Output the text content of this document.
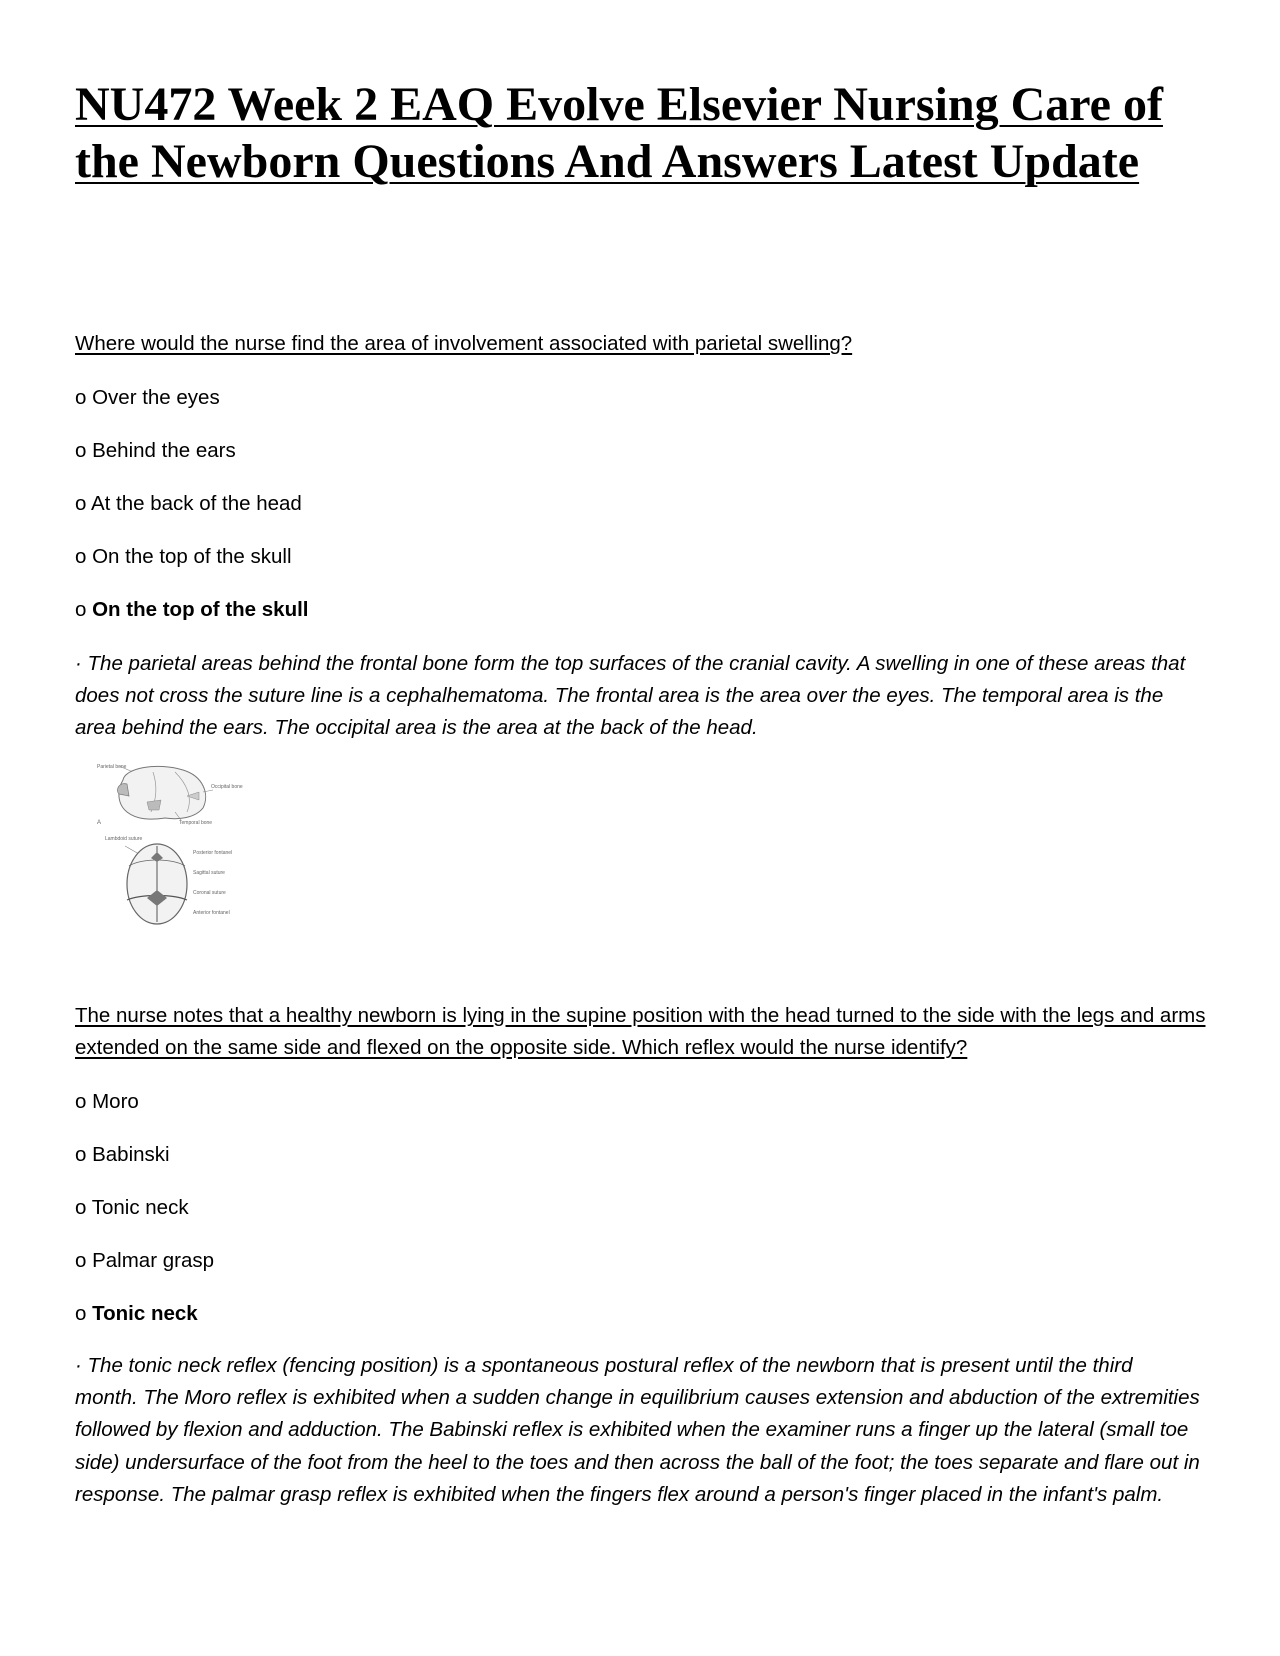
NU472 Week 2 EAQ Evolve Elsevier Nursing Care of the Newborn Questions And Answers Latest Update

Where would the nurse find the area of involvement associated with parietal swelling?

o Over the eyes

o Behind the ears

o At the back of the head

o On the top of the skull

o On the top of the skull

· The parietal areas behind the frontal bone form the top surfaces of the cranial cavity. A swelling in one of these areas that does not cross the suture line is a cephalhematoma. The frontal area is the area over the eyes. The temporal area is the area behind the ears. The occipital area is the area at the back of the head.

Parietal bone
Occipital bone
Temporal bone
A
Lambdoid suture
Posterior fontanel
Sagittal suture
Coronal suture
Anterior fontanel

The nurse notes that a healthy newborn is lying in the supine position with the head turned to the side with the legs and arms extended on the same side and flexed on the opposite side. Which reflex would the nurse identify?

o Moro

o Babinski

o Tonic neck

o Palmar grasp

o Tonic neck

· The tonic neck reflex (fencing position) is a spontaneous postural reflex of the newborn that is present until the third month. The Moro reflex is exhibited when a sudden change in equilibrium causes extension and abduction of the extremities followed by flexion and adduction. The Babinski reflex is exhibited when the examiner runs a finger up the lateral (small toe side) undersurface of the foot from the heel to the toes and then across the ball of the foot; the toes separate and flare out in response. The palmar grasp reflex is exhibited when the fingers flex around a person's finger placed in the infant's palm.
